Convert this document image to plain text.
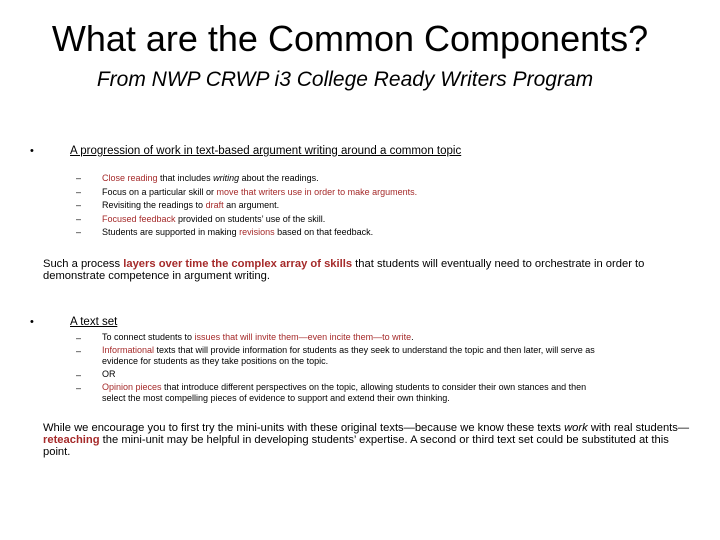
What are the Common Components?
From NWP CRWP i3 College Ready Writers Program
•	A progression of work in text-based argument writing around a common topic
–	Close reading that includes writing about the readings.
–	Focus on a particular skill or move that writers use in order to make arguments.
–	Revisiting the readings to draft an argument.
–	Focused feedback provided on students’ use of the skill.
–	Students are supported in making revisions based on that feedback.
Such a process layers over time the complex array of skills that students will eventually need to orchestrate in order to demonstrate competence in argument writing.
•	A text set
–	To connect students to issues that will invite them—even incite them—to write.
–	Informational texts that will provide information for students as they seek to understand the topic and then later, will serve as
evidence for students as they take positions on the topic.
–	OR
–	Opinion pieces that introduce different perspectives on the topic, allowing students to consider their own stances and then
select the most compelling pieces of evidence to support and extend their own thinking.
While we encourage you to first try the mini-units with these original texts—because we know these texts work with real students—reteaching the mini-unit may be helpful in developing students’ expertise. A second or third text set could be substituted at this point.
